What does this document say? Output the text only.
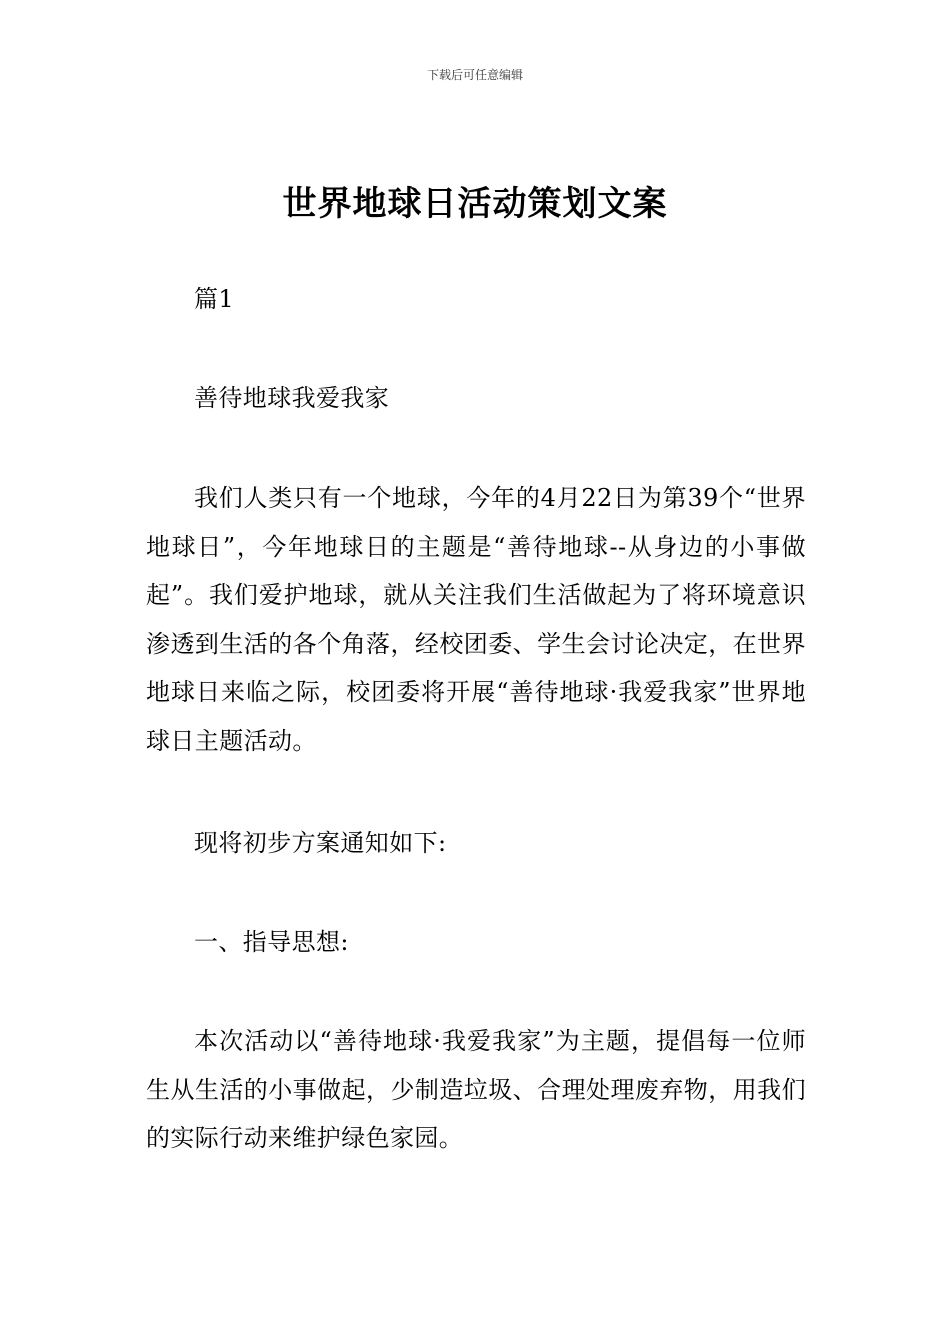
下载后可任意编辑
世界地球日活动策划文案

篇1

善待地球我爱我家

我们人类只有一个地球，今年的4月22日为第39个“世界地球日”，今年地球日的主题是“善待地球--从身边的小事做起”。我们爱护地球，就从关注我们生活做起为了将环境意识渗透到生活的各个角落，经校团委、学生会讨论决定，在世界地球日来临之际，校团委将开展“善待地球·我爱我家”世界地球日主题活动。

现将初步方案通知如下:

一、指导思想:

本次活动以“善待地球·我爱我家”为主题，提倡每一位师生从生活的小事做起，少制造垃圾、合理处理废弃物，用我们的实际行动来维护绿色家园。
